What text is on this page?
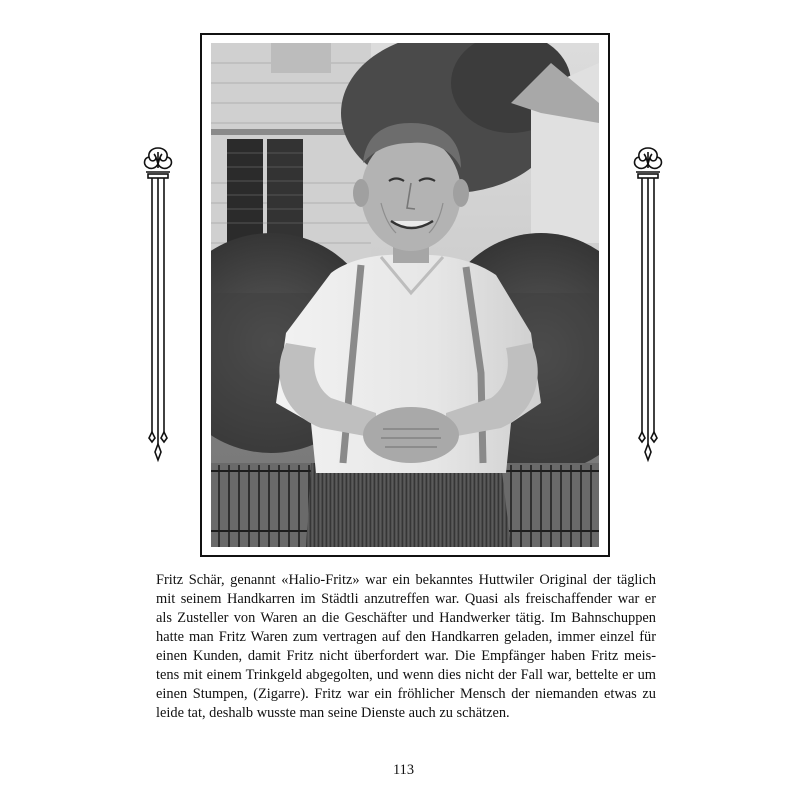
Fritz Schär, genannt «Halio-Fritz» war ein bekanntes Huttwiler Original der täglich
mit seinem Handkarren im Städtli anzutreffen war. Quasi als freischaffender war er
als Zusteller von Waren an die Geschäfter und Handwerker tätig. Im Bahnschuppen
hatte man Fritz Waren zum vertragen auf den Handkarren geladen, immer einzel für
einen Kunden, damit Fritz nicht überfordert war. Die Empfänger haben Fritz meis-
tens mit einem Trinkgeld abgegolten, und wenn dies nicht der Fall war, bettelte er um
einen Stumpen, (Zigarre). Fritz war ein fröhlicher Mensch der niemanden etwas zu
leide tat, deshalb wusste man seine Dienste auch zu schätzen.

113
